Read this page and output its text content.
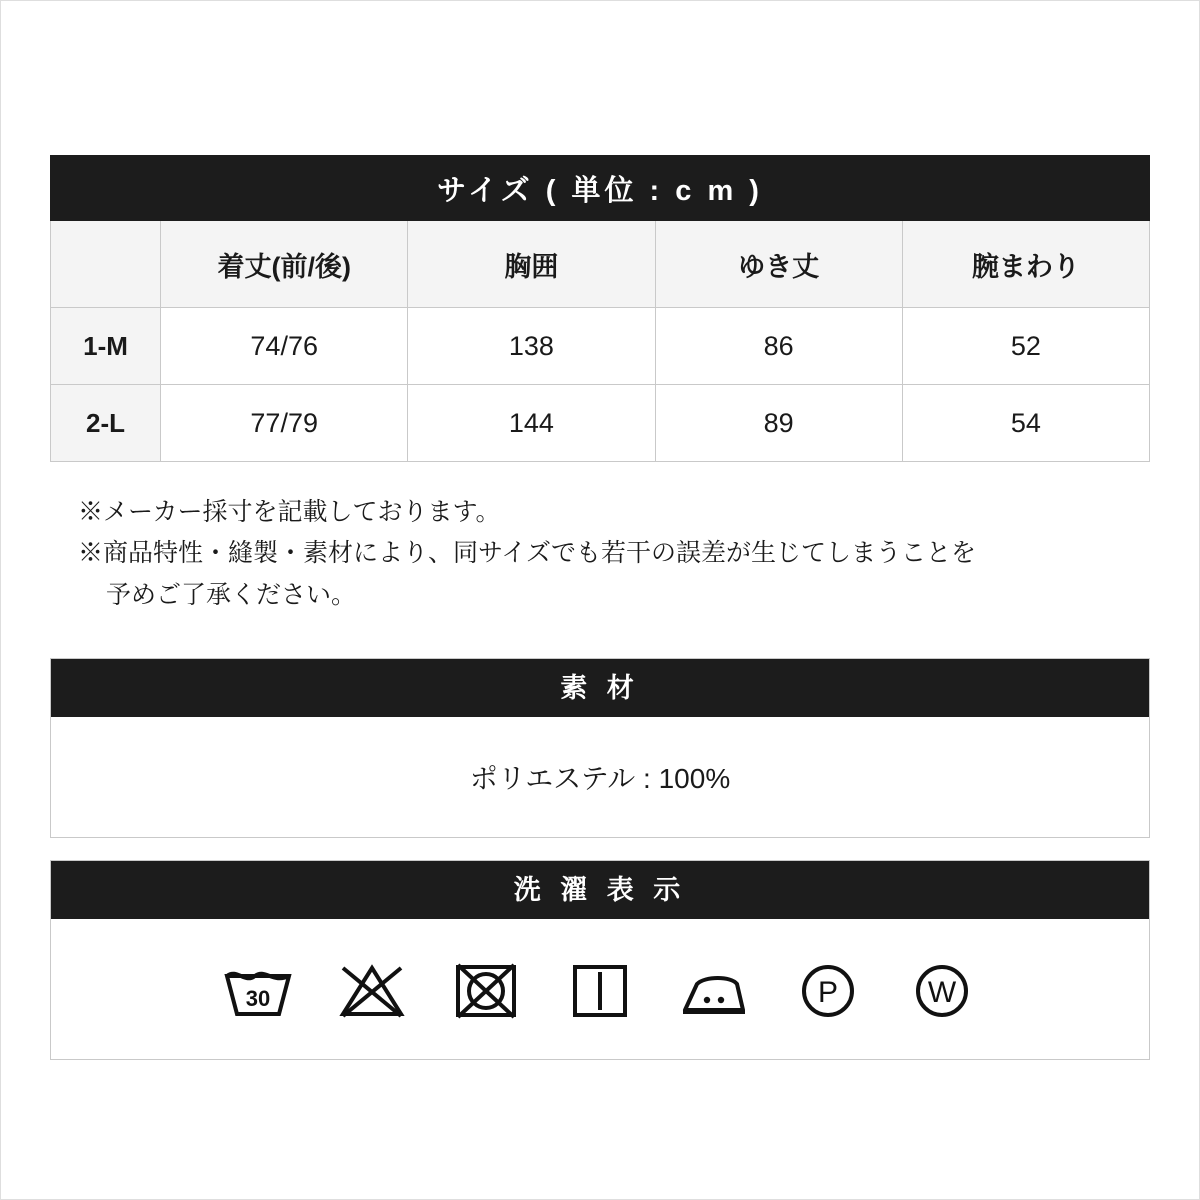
サイズ ( 単位 : c m )				
	着丈(前/後)	胸囲	ゆき丈	腕まわり
1-M	74/76	138	86	52
2-L	77/79	144	89	54
※メーカー採寸を記載しております。
※商品特性・縫製・素材により、同サイズでも若干の誤差が生じてしまうことを
予めご了承ください。
素 材
ポリエステル : 100%
洗 濯 表 示
30	P	W
